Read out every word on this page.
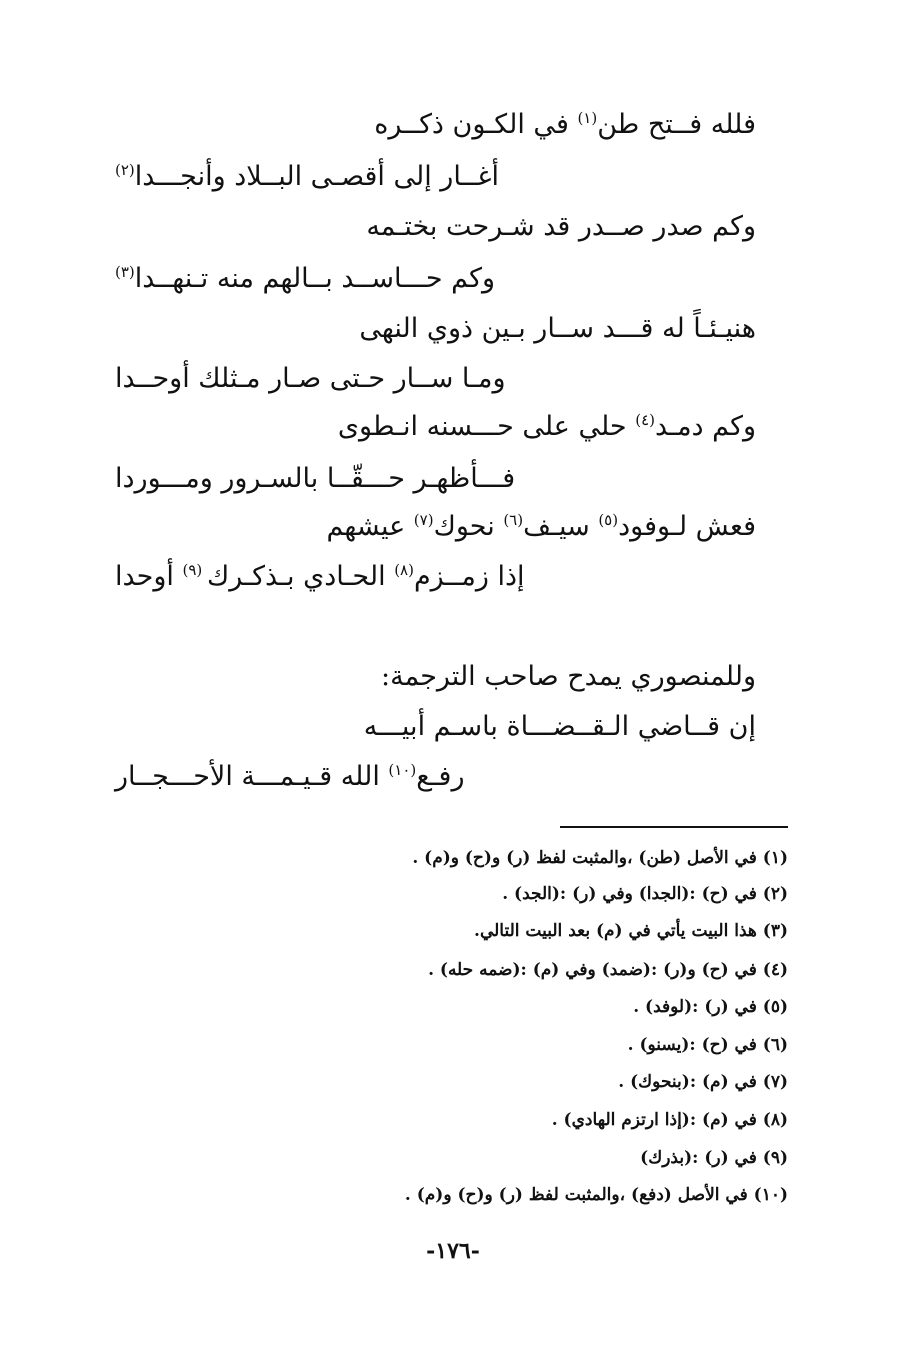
فلله فــتح طن$^{(١)}$ في الكـون ذكــره
أغــار إلى أقصـى البــلاد وأنجـــدا$^{(٢)}$
وكم صدر صــدر قد شـرحت بختـمه
وكم حـــاســد بــالهم منه تـنهــدا$^{(٣)}$
هنيـئـاً له قـــد ســار بـين ذوي النهى
ومـا ســار حـتى صـار مـثلك أوحــدا
وكم دمـد$^{(٤)}$ حلي على حـــسنه انـطوى
فـــأظهـر حـــقّــا بالسـرور ومـــوردا
فعش لـوفود$^{(٥)}$ سيـف$^{(٦)}$ نحوك$^{(٧)}$ عيشهم
إذا زمــزم$^{(٨)}$ الحـادي بـذكـرك $^{(٩)}$ أوحدا
وللمنصوري يمدح صاحب الترجمة:
إن قــاضي الـقــضـــاة باسـم أبيـــه
رفـع$^{(١٠)}$ الله قـيـمـــة الأحـــجــار
(١) في الأصل (طن) ،والمثبت لفظ (ر) و(ح) و(م) .
(٢) في (ح) :(الجدا) وفي (ر) :(الجد) .
(٣) هذا البيت يأتي في (م) بعد البيت التالي.
(٤) في (ح) و(ر) :(ضمد) وفي (م) :(ضمه حله) .
(٥) في (ر) :(لوفد) .
(٦) في (ح) :(يسنو) .
(٧) في (م) :(بنحوك) .
(٨) في (م) :(إذا ارتزم الهادي) .
(٩) في (ر) :(بذرك)
(١٠) في الأصل (دفع) ،والمثبت لفظ (ر) و(ح) و(م) .
-١٧٦-
